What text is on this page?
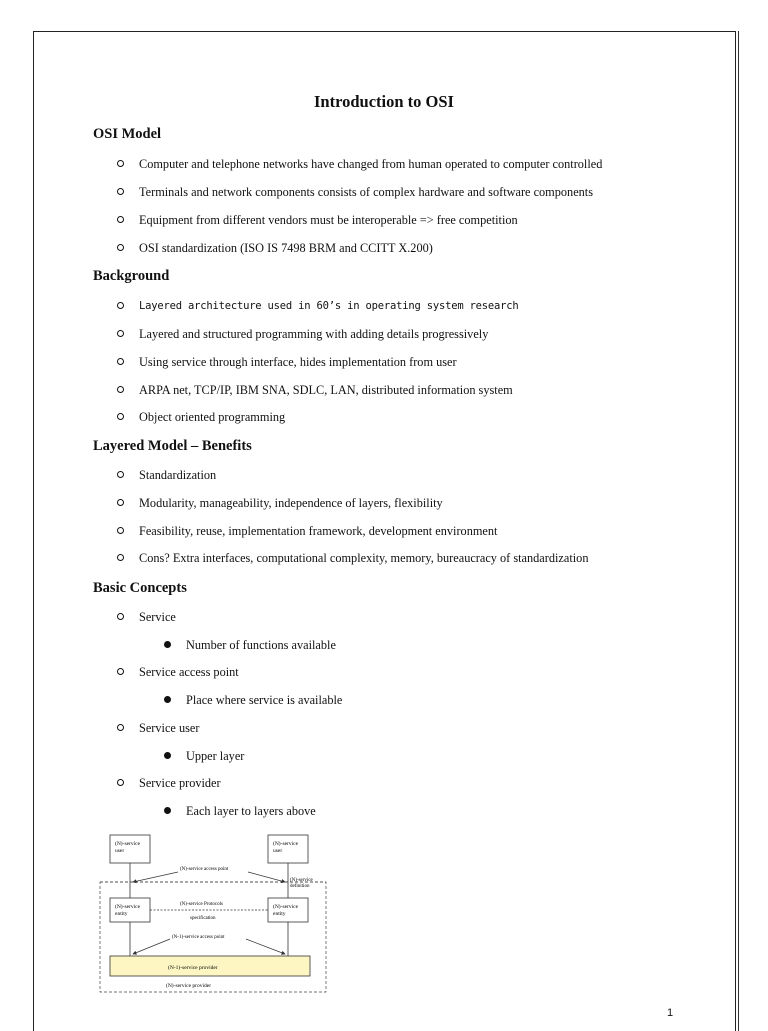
Introduction to OSI
OSI Model
Computer and telephone networks have changed from human operated to computer controlled
Terminals and network components consists of complex hardware and software components
Equipment from different vendors must be interoperable => free competition
OSI standardization (ISO IS 7498 BRM and CCITT X.200)
Background
Layered architecture used in 60’s in operating system research
Layered and structured programming with adding details progressively
Using service through interface, hides implementation from user
ARPA net, TCP/IP, IBM SNA, SDLC, LAN, distributed information system
Object oriented programming
Layered Model – Benefits
Standardization
Modularity, manageability, independence of layers, flexibility
Feasibility, reuse, implementation framework, development environment
Cons? Extra interfaces, computational complexity, memory, bureaucracy of standardization
Basic Concepts
Service
Number of functions available
Service access point
Place where service is available
Service user
Upper layer
Service provider
Each layer to layers above
(N)-service
user
(N)-service
user
(N)-service access point
(N)-service
definition
(N)-service
entity
(N)-service
entity
(N)-service Protocols
specification
(N-1)-service access point
(N-1)-service provider
(N)-service provider
1
